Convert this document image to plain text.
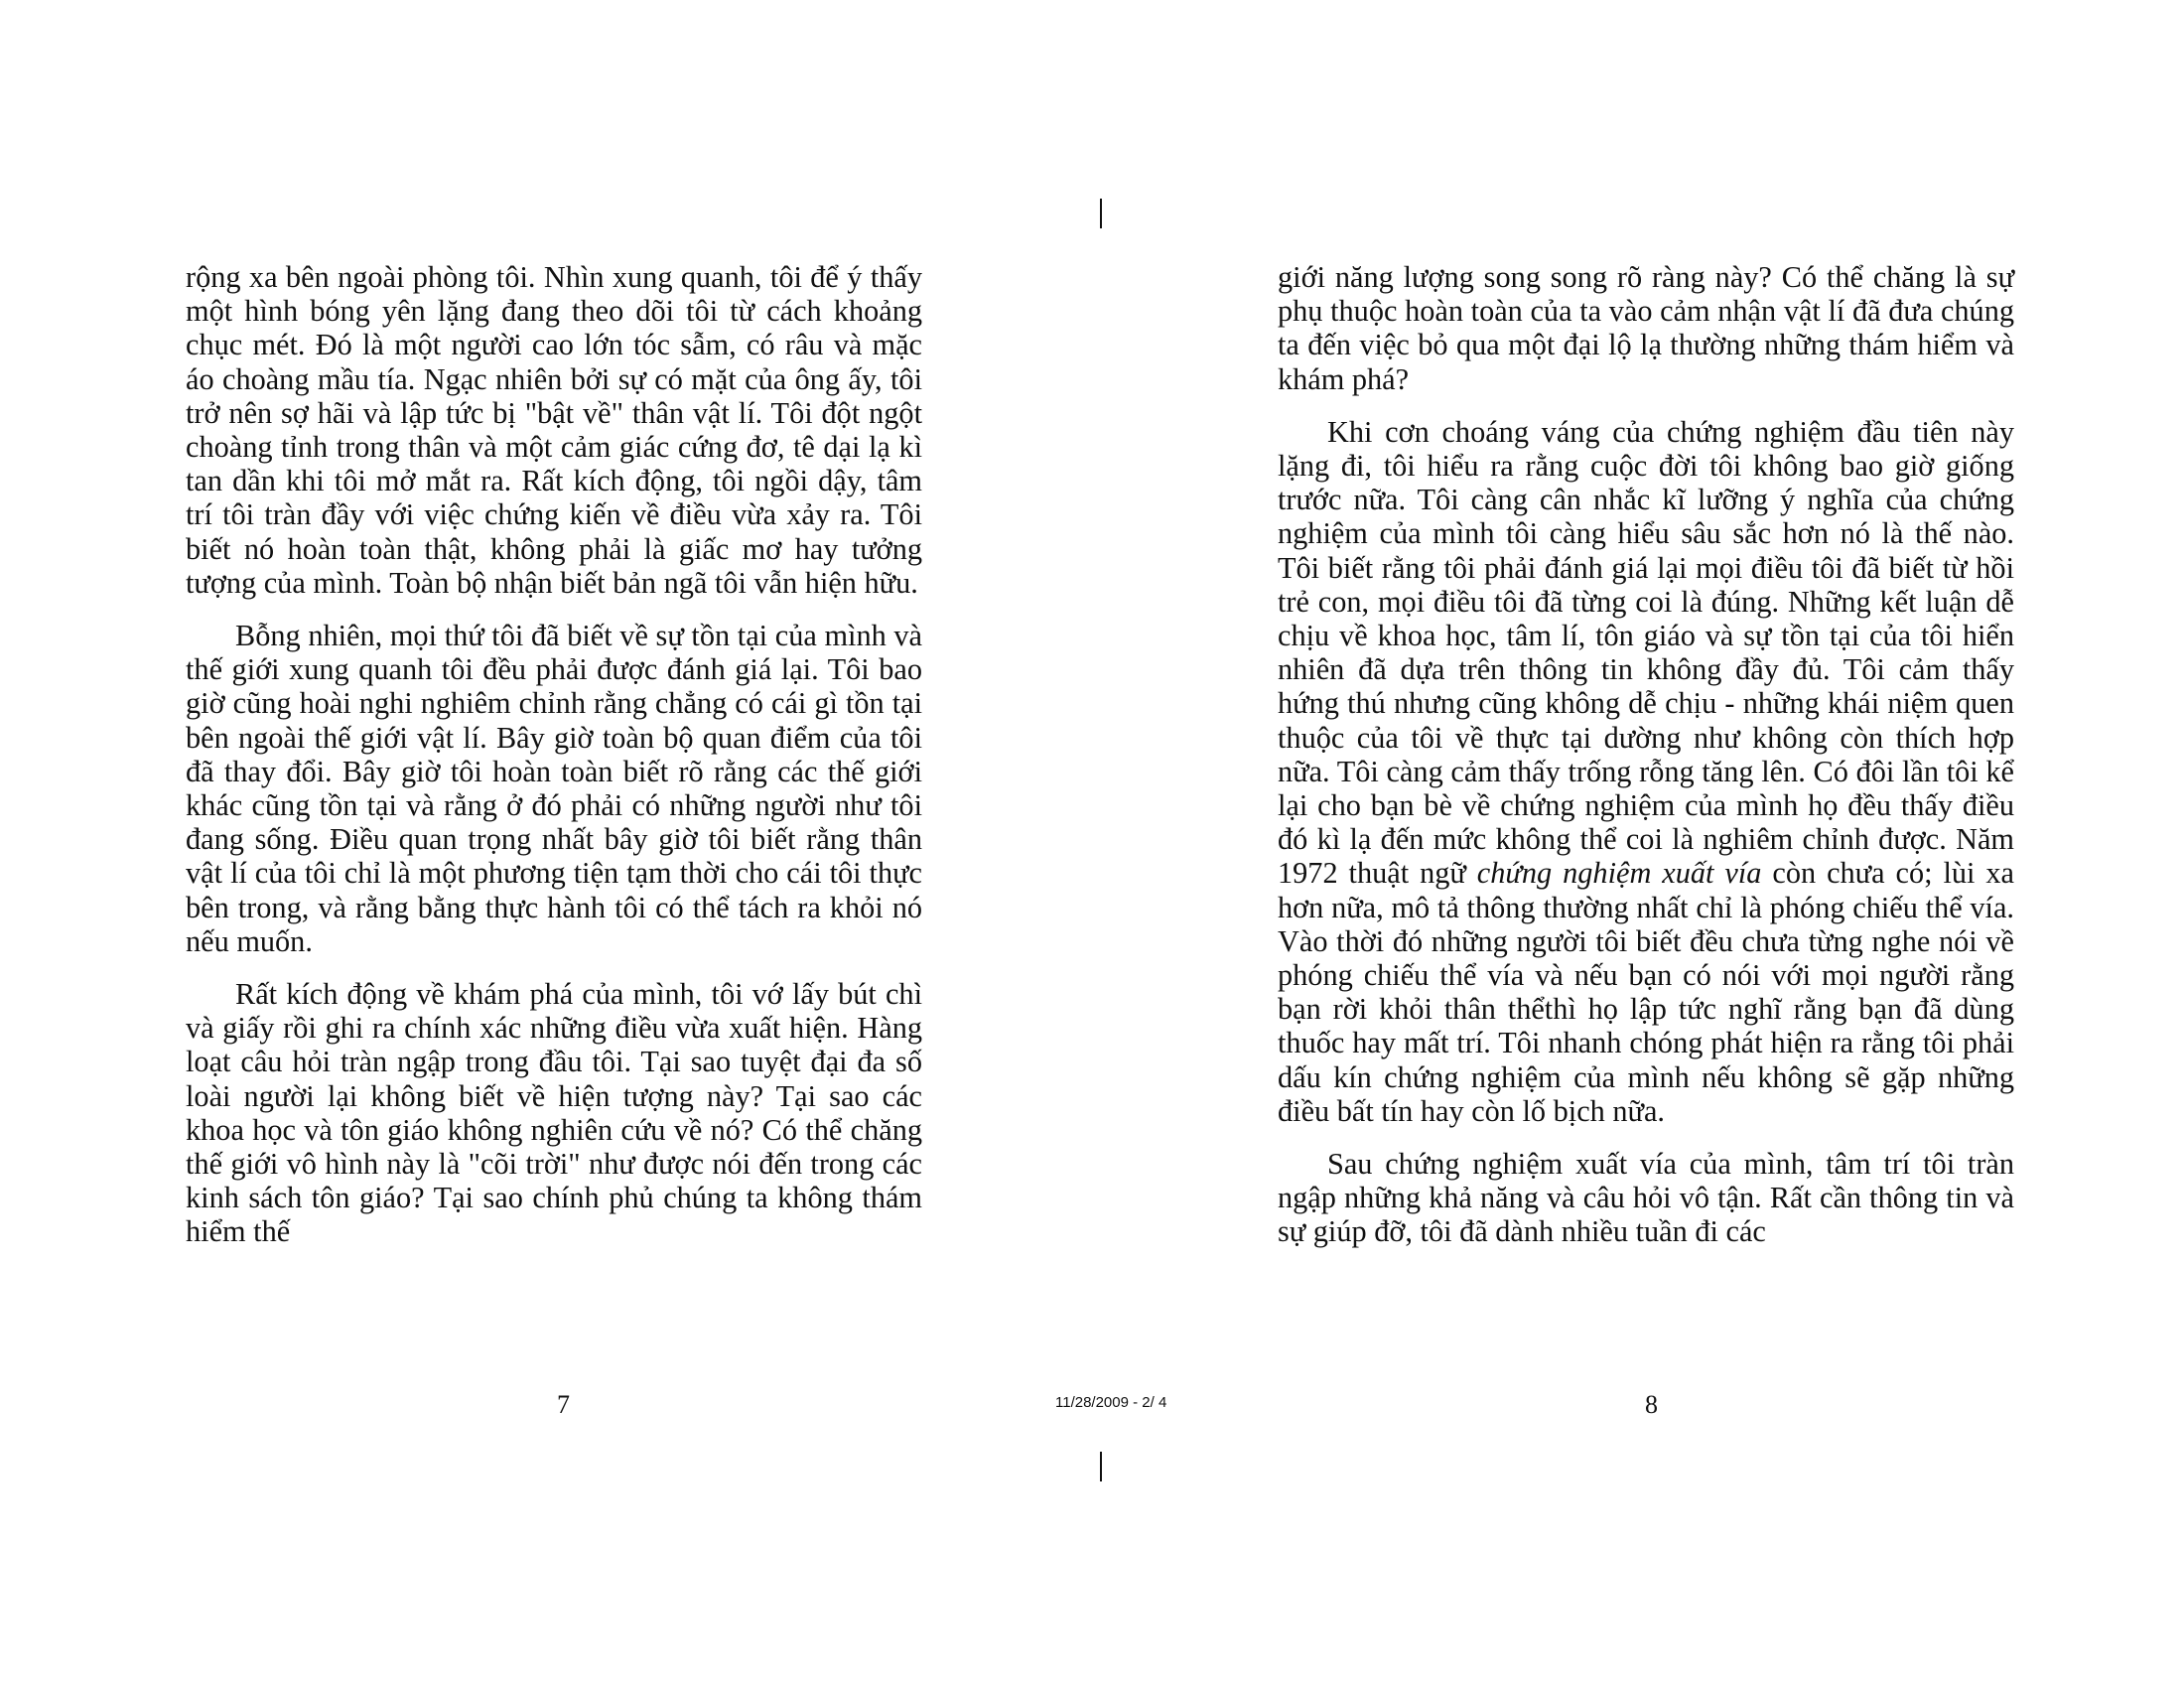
rộng xa bên ngoài phòng tôi. Nhìn xung quanh, tôi để ý thấy một hình bóng yên lặng đang theo dõi tôi từ cách khoảng chục mét. Đó là một người cao lớn tóc sẫm, có râu và mặc áo choàng mầu tía. Ngạc nhiên bởi sự có mặt của ông ấy, tôi trở nên sợ hãi và lập tức bị "bật về" thân vật lí. Tôi đột ngột choàng tỉnh trong thân và một cảm giác cứng đơ, tê dại lạ kì tan dần khi tôi mở mắt ra. Rất kích động, tôi ngồi dậy, tâm trí tôi tràn đầy với việc chứng kiến về điều vừa xảy ra. Tôi biết nó hoàn toàn thật, không phải là giấc mơ hay tưởng tượng của mình. Toàn bộ nhận biết bản ngã tôi vẫn hiện hữu.

Bỗng nhiên, mọi thứ tôi đã biết về sự tồn tại của mình và thế giới xung quanh tôi đều phải được đánh giá lại. Tôi bao giờ cũng hoài nghi nghiêm chỉnh rằng chẳng có cái gì tồn tại bên ngoài thế giới vật lí. Bây giờ toàn bộ quan điểm của tôi đã thay đổi. Bây giờ tôi hoàn toàn biết rõ rằng các thế giới khác cũng tồn tại và rằng ở đó phải có những người như tôi đang sống. Điều quan trọng nhất bây giờ tôi biết rằng thân vật lí của tôi chỉ là một phương tiện tạm thời cho cái tôi thực bên trong, và rằng bằng thực hành tôi có thể tách ra khỏi nó nếu muốn.

Rất kích động về khám phá của mình, tôi vớ lấy bút chì và giấy rồi ghi ra chính xác những điều vừa xuất hiện. Hàng loạt câu hỏi tràn ngập trong đầu tôi. Tại sao tuyệt đại đa số loài người lại không biết về hiện tượng này? Tại sao các khoa học và tôn giáo không nghiên cứu về nó? Có thể chăng thế giới vô hình này là "cõi trời" như được nói đến trong các kinh sách tôn giáo? Tại sao chính phủ chúng ta không thám hiểm thế

giới năng lượng song song rõ ràng này? Có thể chăng là sự phụ thuộc hoàn toàn của ta vào cảm nhận vật lí đã đưa chúng ta đến việc bỏ qua một đại lộ lạ thường những thám hiểm và khám phá?

Khi cơn choáng váng của chứng nghiệm đầu tiên này lặng đi, tôi hiểu ra rằng cuộc đời tôi không bao giờ giống trước nữa. Tôi càng cân nhắc kĩ lưỡng ý nghĩa của chứng nghiệm của mình tôi càng hiểu sâu sắc hơn nó là thế nào. Tôi biết rằng tôi phải đánh giá lại mọi điều tôi đã biết từ hồi trẻ con, mọi điều tôi đã từng coi là đúng. Những kết luận dễ chịu về khoa học, tâm lí, tôn giáo và sự tồn tại của tôi hiển nhiên đã dựa trên thông tin không đầy đủ. Tôi cảm thấy hứng thú nhưng cũng không dễ chịu - những khái niệm quen thuộc của tôi về thực tại dường như không còn thích hợp nữa. Tôi càng cảm thấy trống rỗng tăng lên. Có đôi lần tôi kể lại cho bạn bè về chứng nghiệm của mình họ đều thấy điều đó kì lạ đến mức không thể coi là nghiêm chỉnh được. Năm 1972 thuật ngữ chứng nghiệm xuất vía còn chưa có; lùi xa hơn nữa, mô tả thông thường nhất chỉ là phóng chiếu thể vía. Vào thời đó những người tôi biết đều chưa từng nghe nói về phóng chiếu thể vía và nếu bạn có nói với mọi người rằng bạn rời khỏi thân thểthì họ lập tức nghĩ rằng bạn đã dùng thuốc hay mất trí. Tôi nhanh chóng phát hiện ra rằng tôi phải dấu kín chứng nghiệm của mình nếu không sẽ gặp những điều bất tín hay còn lố bịch nữa.

Sau chứng nghiệm xuất vía của mình, tâm trí tôi tràn ngập những khả năng và câu hỏi vô tận. Rất cần thông tin và sự giúp đỡ, tôi đã dành nhiều tuần đi các

7	11/28/2009 - 2/ 4	8
